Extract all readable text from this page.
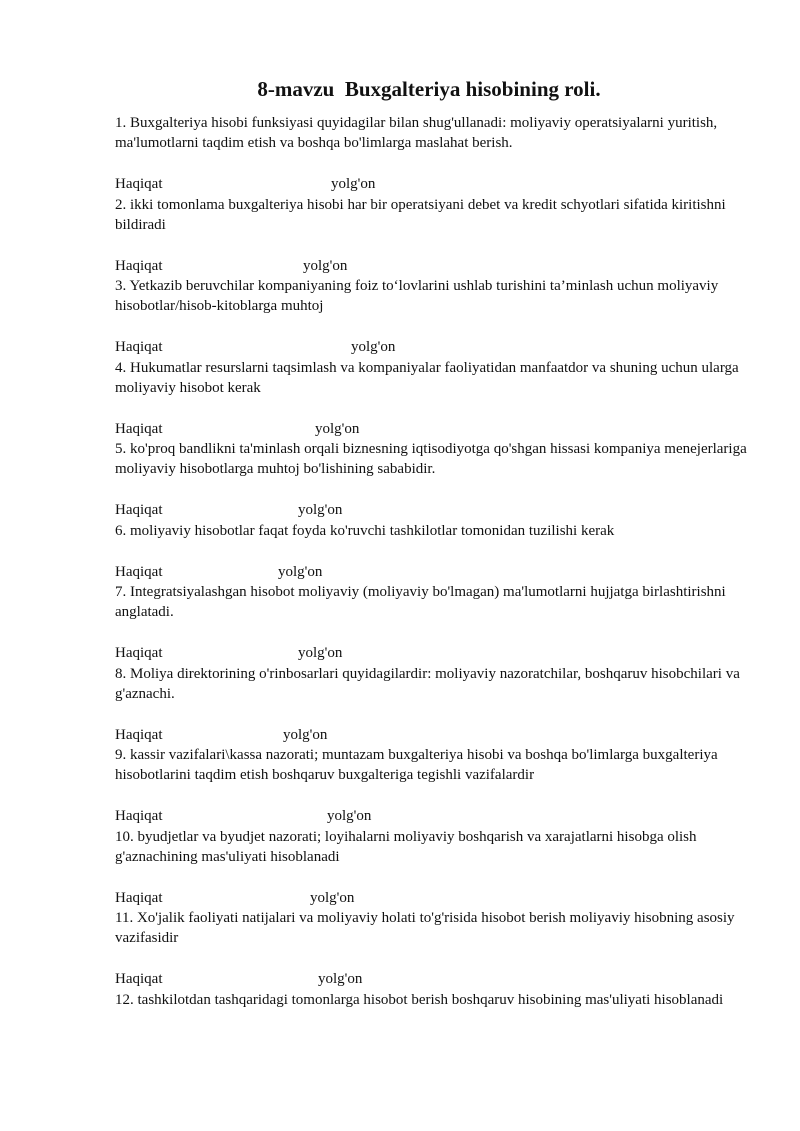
8-mavzu  Buxgalteriya hisobining roli.

1. Buxgalteriya hisobi funksiyasi quyidagilar bilan shug'ullanadi: moliyaviy operatsiyalarni yuritish, ma'lumotlarni taqdim etish va boshqa bo'limlarga maslahat berish.

Haqiqat	yolg'on

2. ikki tomonlama buxgalteriya hisobi har bir operatsiyani debet va kredit schyotlari sifatida kiritishni bildiradi

Haqiqat	yolg'on

3. Yetkazib beruvchilar kompaniyaning foiz to‘lovlarini ushlab turishini ta’minlash uchun moliyaviy hisobotlar/hisob-kitoblarga muhtoj

Haqiqat	yolg'on

4. Hukumatlar resurslarni taqsimlash va kompaniyalar faoliyatidan manfaatdor va shuning uchun ularga moliyaviy hisobot kerak

Haqiqat	yolg'on

5. ko'proq bandlikni ta'minlash orqali biznesning iqtisodiyotga qo'shgan hissasi kompaniya menejerlariga moliyaviy hisobotlarga muhtoj bo'lishining sababidir.

Haqiqat	yolg'on

6. moliyaviy hisobotlar faqat foyda ko'ruvchi tashkilotlar tomonidan tuzilishi kerak

Haqiqat	yolg'on

7. Integratsiyalashgan hisobot moliyaviy (moliyaviy bo'lmagan) ma'lumotlarni hujjatga birlashtirishni anglatadi.

Haqiqat	yolg'on

8. Moliya direktorining o'rinbosarlari quyidagilardir: moliyaviy nazoratchilar, boshqaruv hisobchilari va g'aznachi.

Haqiqat	yolg'on

9. kassir vazifalari\kassa nazorati; muntazam buxgalteriya hisobi va boshqa bo'limlarga buxgalteriya hisobotlarini taqdim etish boshqaruv buxgalteriga tegishli vazifalardir

Haqiqat	yolg'on

10. byudjetlar va byudjet nazorati; loyihalarni moliyaviy boshqarish va xarajatlarni hisobga olish g'aznachining mas'uliyati hisoblanadi

Haqiqat	yolg'on

11. Xo'jalik faoliyati natijalari va moliyaviy holati to'g'risida hisobot berish moliyaviy hisobning asosiy vazifasidir

Haqiqat	yolg'on

12. tashkilotdan tashqaridagi tomonlarga hisobot berish boshqaruv hisobining mas'uliyati hisoblanadi
